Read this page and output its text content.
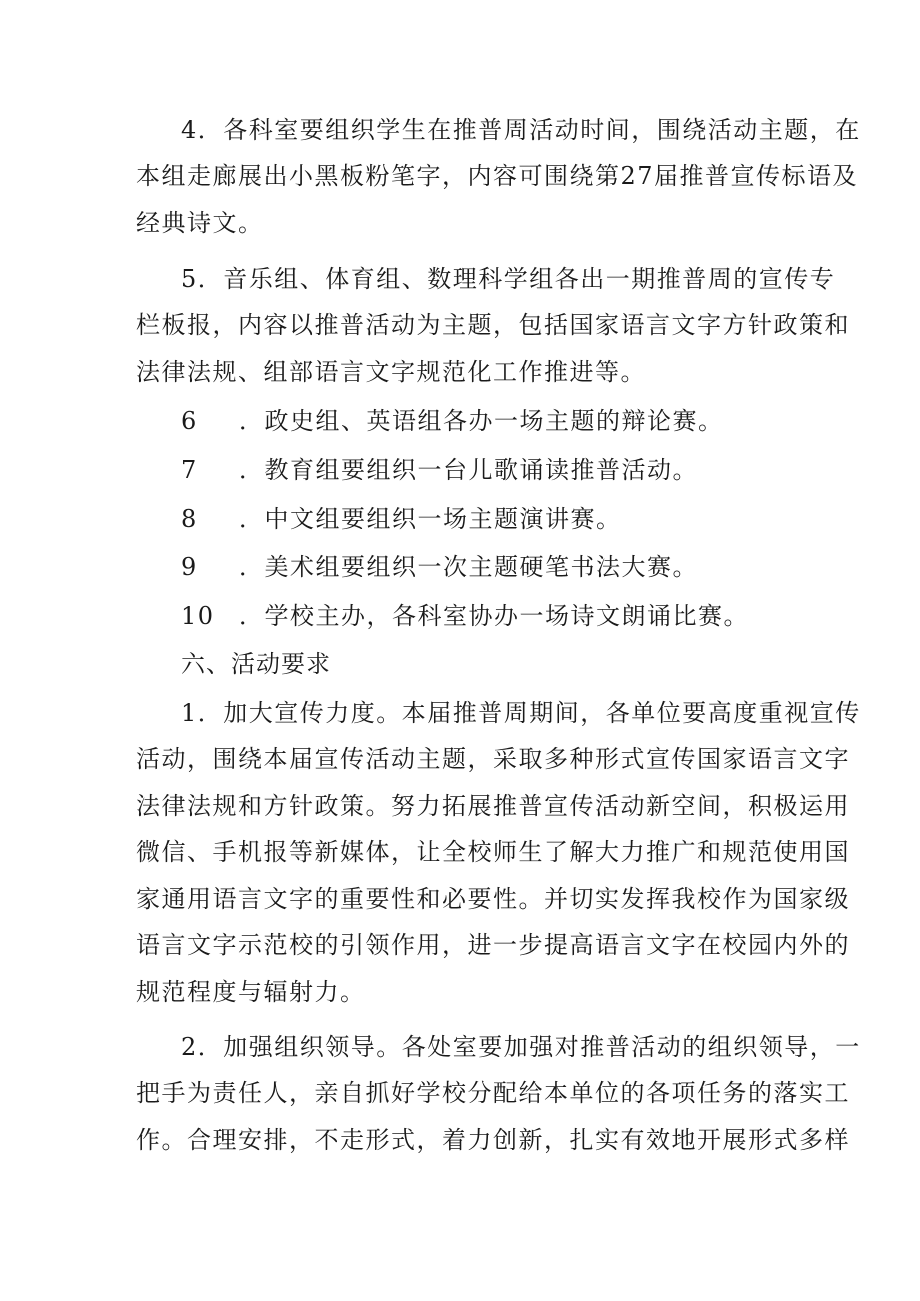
4．各科室要组织学生在推普周活动时间，围绕活动主题，在
本组走廊展出小黑板粉笔字，内容可围绕第27届推普宣传标语及
经典诗文。
5．音乐组、体育组、数理科学组各出一期推普周的宣传专
栏板报，内容以推普活动为主题，包括国家语言文字方针政策和
法律法规、组部语言文字规范化工作推进等。
6 ．政史组、英语组各办一场主题的辩论赛。
7 ．教育组要组织一台儿歌诵读推普活动。
8 ．中文组要组织一场主题演讲赛。
9 ．美术组要组织一次主题硬笔书法大赛。
10 ．学校主办，各科室协办一场诗文朗诵比赛。
六、活动要求
1．加大宣传力度。本届推普周期间，各单位要高度重视宣传
活动，围绕本届宣传活动主题，采取多种形式宣传国家语言文字
法律法规和方针政策。努力拓展推普宣传活动新空间，积极运用
微信、手机报等新媒体，让全校师生了解大力推广和规范使用国
家通用语言文字的重要性和必要性。并切实发挥我校作为国家级
语言文字示范校的引领作用，进一步提高语言文字在校园内外的
规范程度与辐射力。
2．加强组织领导。各处室要加强对推普活动的组织领导，一
把手为责任人，亲自抓好学校分配给本单位的各项任务的落实工
作。合理安排，不走形式，着力创新，扎实有效地开展形式多样
